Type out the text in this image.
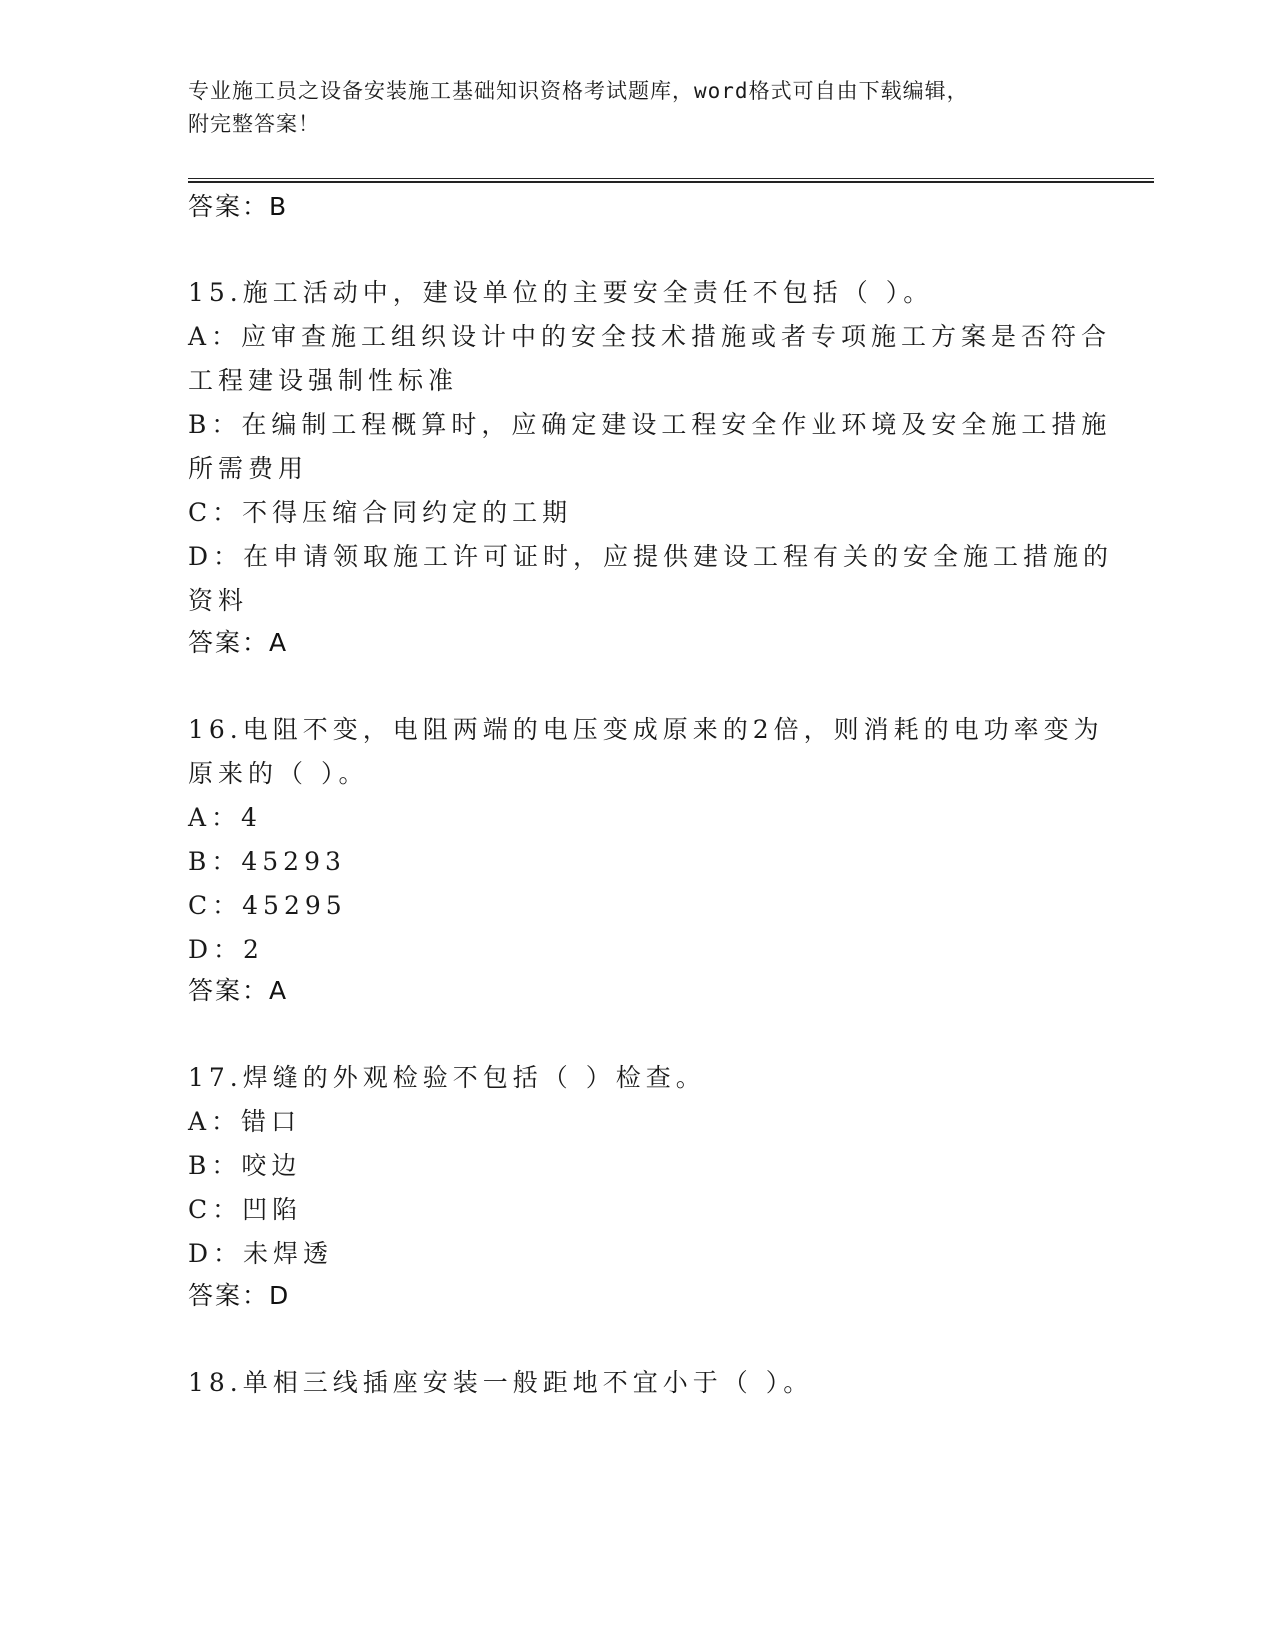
专业施工员之设备安装施工基础知识资格考试题库，word格式可自由下载编辑，
附完整答案！
答案：B
15.施工活动中，建设单位的主要安全责任不包括（ ）。
A：应审查施工组织设计中的安全技术措施或者专项施工方案是否符合
工程建设强制性标准
B：在编制工程概算时，应确定建设工程安全作业环境及安全施工措施
所需费用
C：不得压缩合同约定的工期
D：在申请领取施工许可证时，应提供建设工程有关的安全施工措施的
资料
答案：A
16.电阻不变，电阻两端的电压变成原来的2倍，则消耗的电功率变为
原来的（ ）。
A：4
B：45293
C：45295
D：2
答案：A
17.焊缝的外观检验不包括（ ）检查。
A：错口
B：咬边
C：凹陷
D：未焊透
答案：D
18.单相三线插座安装一般距地不宜小于（ ）。
